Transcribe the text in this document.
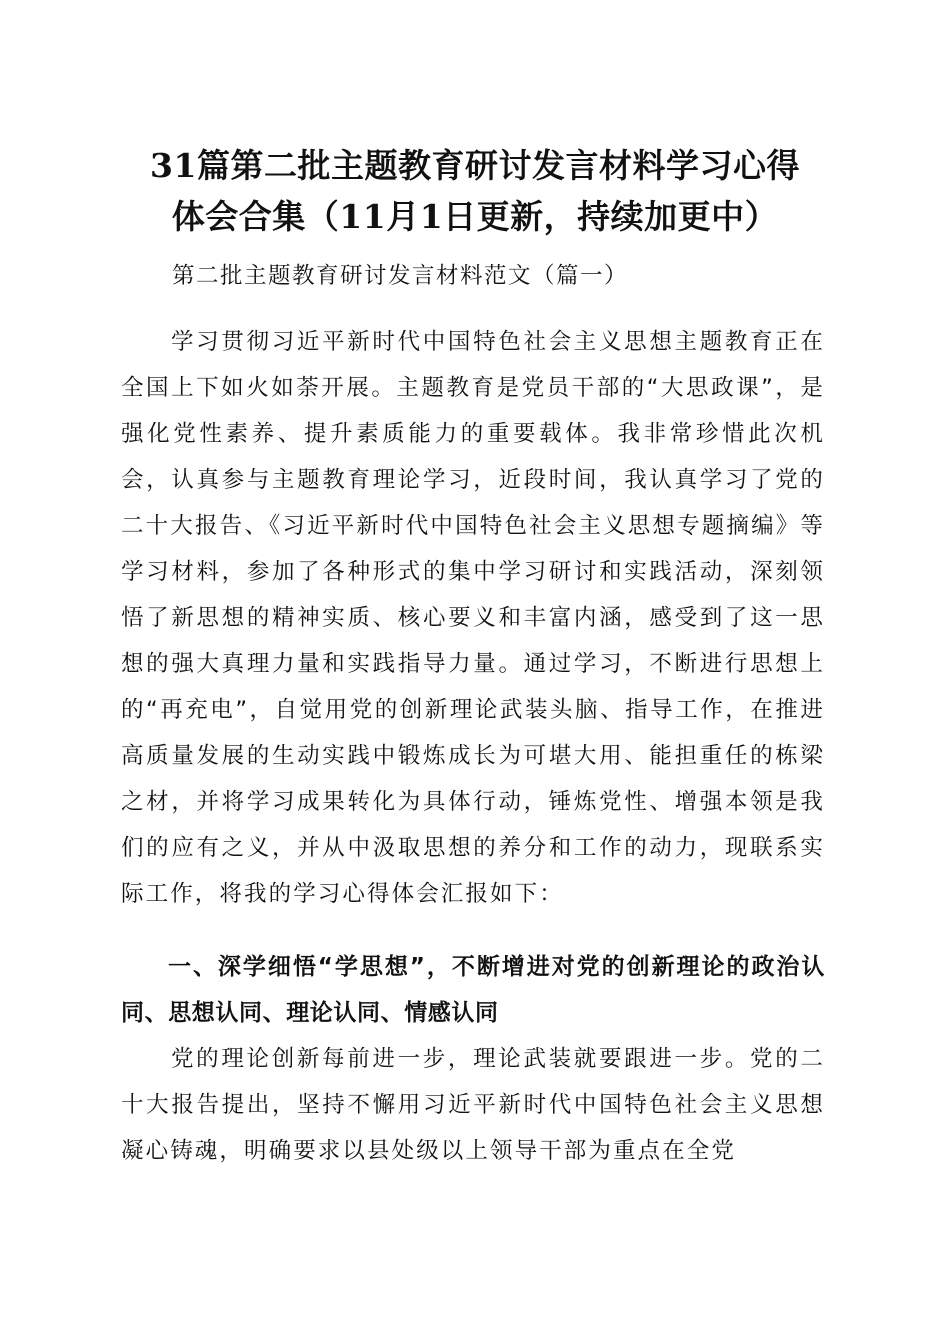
31篇第二批主题教育研讨发言材料学习心得
体会合集（11月1日更新，持续加更中）

第二批主题教育研讨发言材料范文（篇一）

学习贯彻习近平新时代中国特色社会主义思想主题教育正在全国上下如火如荼开展。主题教育是党员干部的“大思政课”，是强化党性素养、提升素质能力的重要载体。我非常珍惜此次机会，认真参与主题教育理论学习，近段时间，我认真学习了党的二十大报告、《习近平新时代中国特色社会主义思想专题摘编》等学习材料，参加了各种形式的集中学习研讨和实践活动，深刻领悟了新思想的精神实质、核心要义和丰富内涵，感受到了这一思想的强大真理力量和实践指导力量。通过学习，不断进行思想上的“再充电”，自觉用党的创新理论武装头脑、指导工作，在推进高质量发展的生动实践中锻炼成长为可堪大用、能担重任的栋梁之材，并将学习成果转化为具体行动，锤炼党性、增强本领是我们的应有之义，并从中汲取思想的养分和工作的动力，现联系实际工作，将我的学习心得体会汇报如下：

一、深学细悟“学思想”，不断增进对党的创新理论的政治认同、思想认同、理论认同、情感认同

党的理论创新每前进一步，理论武装就要跟进一步。党的二十大报告提出，坚持不懈用习近平新时代中国特色社会主义思想凝心铸魂，明确要求以县处级以上领导干部为重点在全党
